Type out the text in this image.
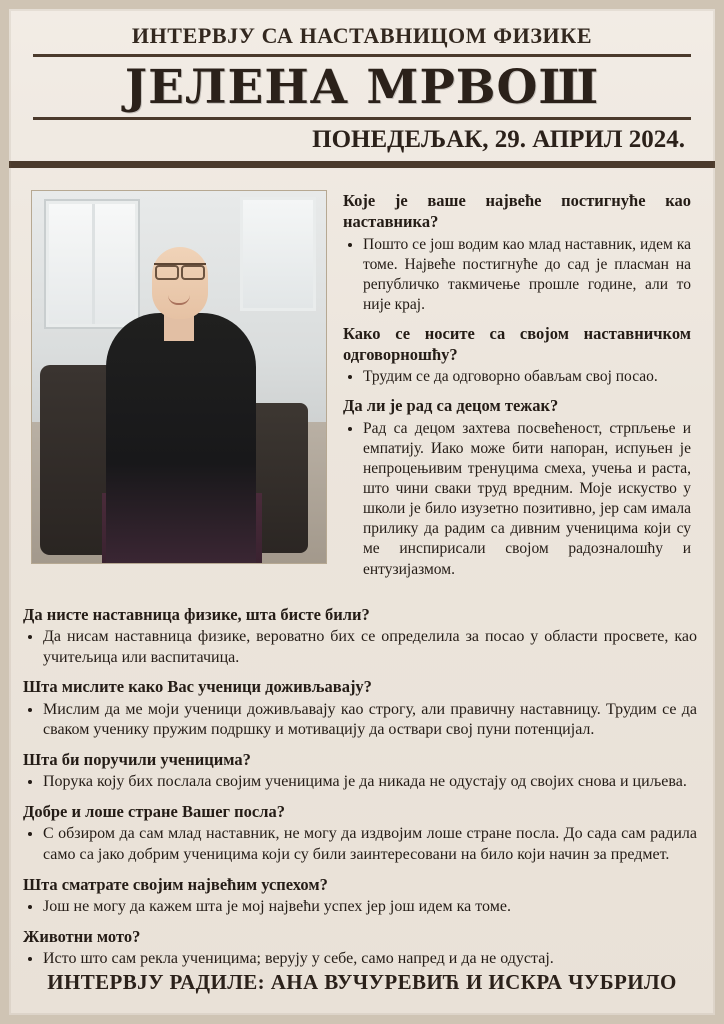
ИНТЕРВЈУ СА НАСТАВНИЦОМ ФИЗИКЕ
ЈЕЛЕНА МРВОШ
ПОНЕДЕЉАК, 29. АПРИЛ 2024.

Које је ваше највеће постигнуће као наставника?

• Пошто се још водим као млад наставник, идем ка томе. Највеће постигнуће до сад је пласман на републичко такмичење прошле године, али то није крај.

Како се носите са својом наставничком одговорношћу?

• Трудим се да одговорно обављам свој посао.

Да ли је рад са децом тежак?

• Рад са децом захтева посвећеност, стрпљење и емпатију. Иако може бити напоран, испуњен је непроцењивим тренуцима смеха, учења и раста, што чини сваки труд вредним. Моје искуство у школи је било изузетно позитивно, јер сам имала прилику да радим са дивним ученицима који су ме инспирисали својом радозналошћу и ентузијазмом.

Да нисте наставница физике, шта бисте били?

• Да нисам наставница физике, вероватно бих се определила за посао у области просвете, као учитељица или васпитачица.

Шта мислите како Вас ученици доживљавају?

• Мислим да ме моји ученици доживљавају као строгу, али правичну наставницу. Трудим се да сваком ученику пружим подршку и мотивацију да оствари свој пуни потенцијал.

Шта би поручили ученицима?

• Порука коју бих послала својим ученицима је да никада не одустају од својих снова и циљева.

Добре и лоше стране Вашег посла?

• С обзиром да сам млад наставник, не могу да издвојим лоше стране посла. До сада сам радила само са јако добрим ученицима који су били заинтересовани на било који начин за предмет.

Шта сматрате својим највећим успехом?

• Још не могу да кажем шта је мој највећи успех јер још идем ка томе.

Животни мото?

• Исто што сам рекла ученицима; верују у себе, само напред и да не одустај.
ИНТЕРВЈУ РАДИЛЕ: АНА ВУЧУРЕВИЋ И ИСКРА ЧУБРИЛО
